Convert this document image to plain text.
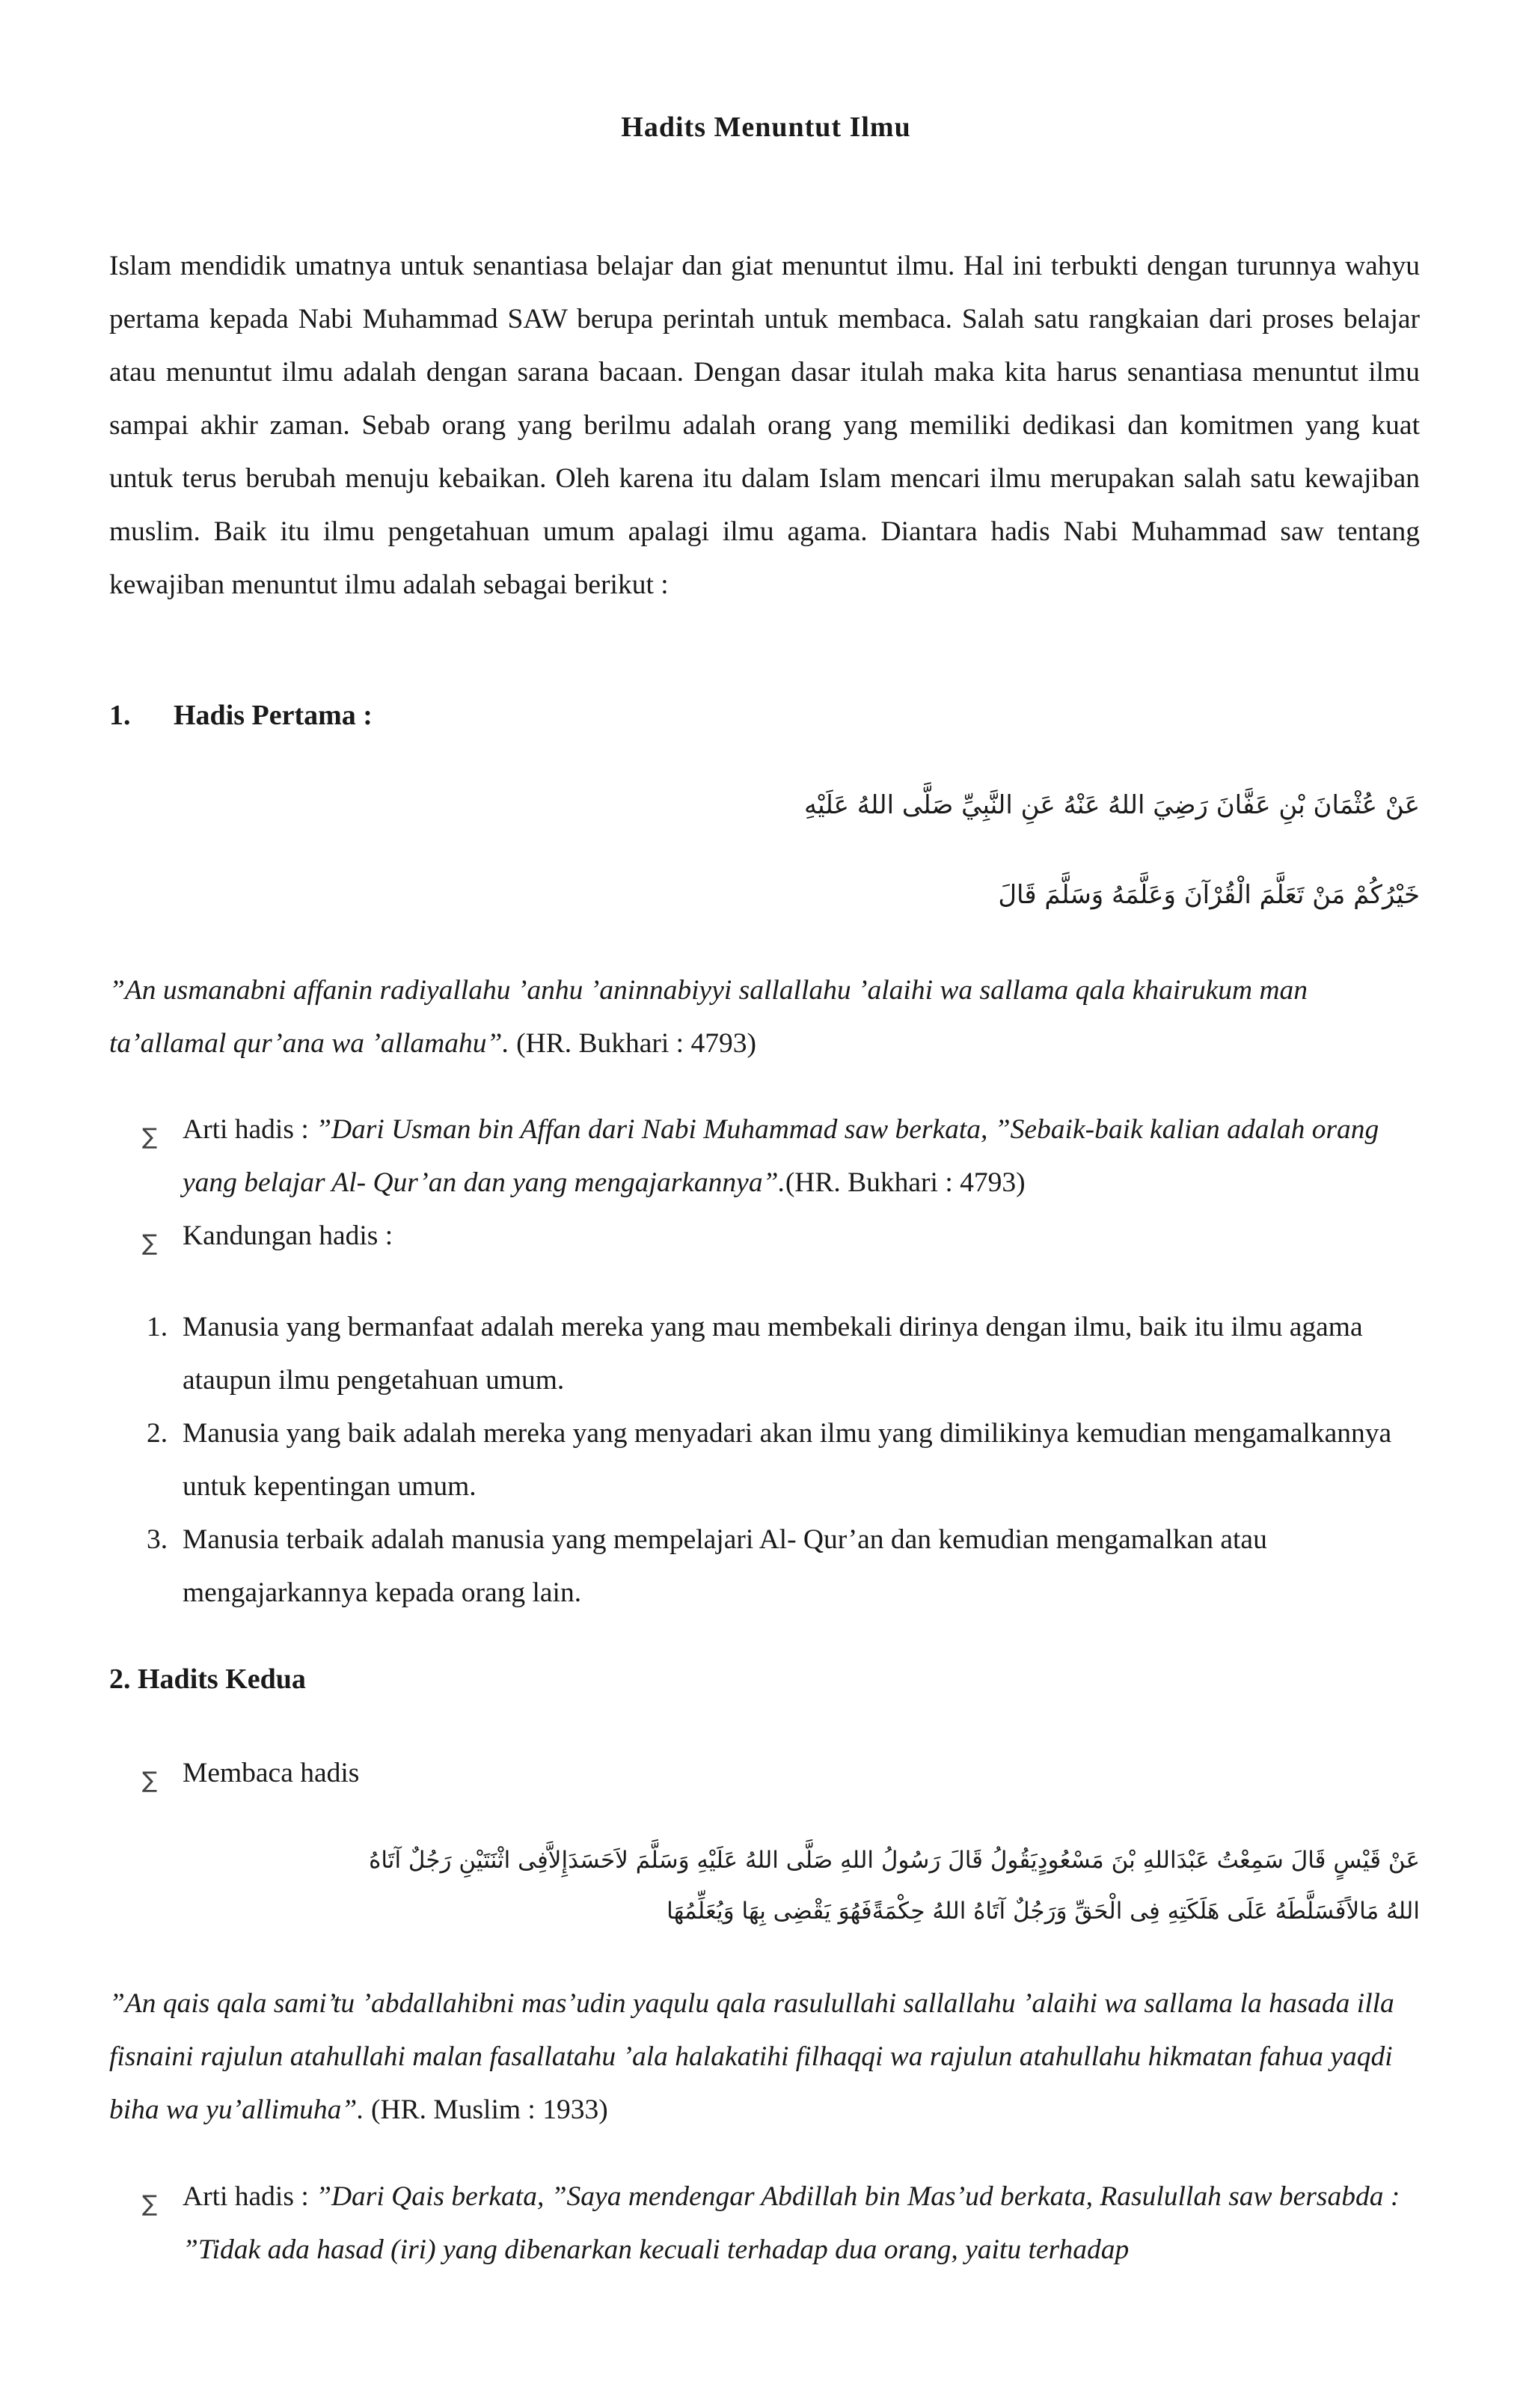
Hadits Menuntut Ilmu

Islam mendidik umatnya untuk senantiasa belajar dan giat menuntut ilmu. Hal ini terbukti dengan turunnya wahyu pertama kepada Nabi Muhammad SAW berupa perintah untuk membaca. Salah satu rangkaian dari proses belajar atau menuntut ilmu adalah dengan sarana bacaan. Dengan dasar itulah maka kita harus senantiasa menuntut ilmu sampai akhir zaman. Sebab orang yang berilmu adalah orang yang memiliki dedikasi dan komitmen yang kuat untuk terus berubah menuju kebaikan. Oleh karena itu dalam Islam mencari ilmu merupakan salah satu kewajiban muslim. Baik itu ilmu pengetahuan umum apalagi ilmu agama. Diantara hadis Nabi Muhammad saw tentang kewajiban menuntut ilmu adalah sebagai berikut :

1. Hadis Pertama :
عَنْ عُثْمَانَ بْنِ عَفَّانَ رَضِيَ اللهُ عَنْهُ عَنِ النَّبِيِّ صَلَّى اللهُ عَلَيْهِ
خَيْرُكُمْ مَنْ تَعَلَّمَ الْقُرْآنَ وَعَلَّمَهُ وَسَلَّمَ قَالَ

”An usmanabni affanin radiyallahu ’anhu ’aninnabiyyi sallallahu ’alaihi wa sallama qala khairukum man ta’allamal qur’ana wa ’allamahu”. (HR. Bukhari : 4793)

∑ Arti hadis : ”Dari Usman bin Affan dari Nabi Muhammad saw berkata, ”Sebaik-baik kalian adalah orang yang belajar Al- Qur’an dan yang mengajarkannya”.(HR. Bukhari : 4793)
∑ Kandungan hadis :
1. Manusia yang bermanfaat adalah mereka yang mau membekali dirinya dengan ilmu, baik itu ilmu agama ataupun ilmu pengetahuan umum.
2. Manusia yang baik adalah mereka yang menyadari akan ilmu yang dimilikinya kemudian mengamalkannya untuk kepentingan umum.
3. Manusia terbaik adalah manusia yang mempelajari Al- Qur’an dan kemudian mengamalkan atau mengajarkannya kepada orang lain.
2. Hadits Kedua
∑ Membaca hadis
عَنْ قَيْسٍ قَالَ سَمِعْتُ عَبْدَاللهِ بْنَ مَسْعُودٍيَقُولُ قَالَ رَسُولُ اللهِ صَلَّى اللهُ عَلَيْهِ وَسَلَّمَ لاَحَسَدَإِلاَّفِى اثْنَتَيْنِ رَجُلٌ آتَاهُ
اللهُ مَالاًفَسَلَّطَهُ عَلَى هَلَكَتِهِ فِى الْحَقِّ وَرَجُلٌ آتَاهُ اللهُ حِكْمَةًفَهُوَ يَقْضِى بِهَا وَيُعَلِّمُهَا

”An qais qala sami’tu ’abdallahibni mas’udin yaqulu qala rasulullahi sallallahu ’alaihi wa sallama la hasada illa fisnaini rajulun atahullahi malan fasallatahu ’ala halakatihi filhaqqi wa rajulun atahullahu hikmatan fahua yaqdi biha wa yu’allimuha”. (HR. Muslim : 1933)

∑ Arti hadis : ”Dari Qais berkata, ”Saya mendengar Abdillah bin Mas’ud berkata, Rasulullah saw bersabda : ”Tidak ada hasad (iri) yang dibenarkan kecuali terhadap dua orang, yaitu terhadap
